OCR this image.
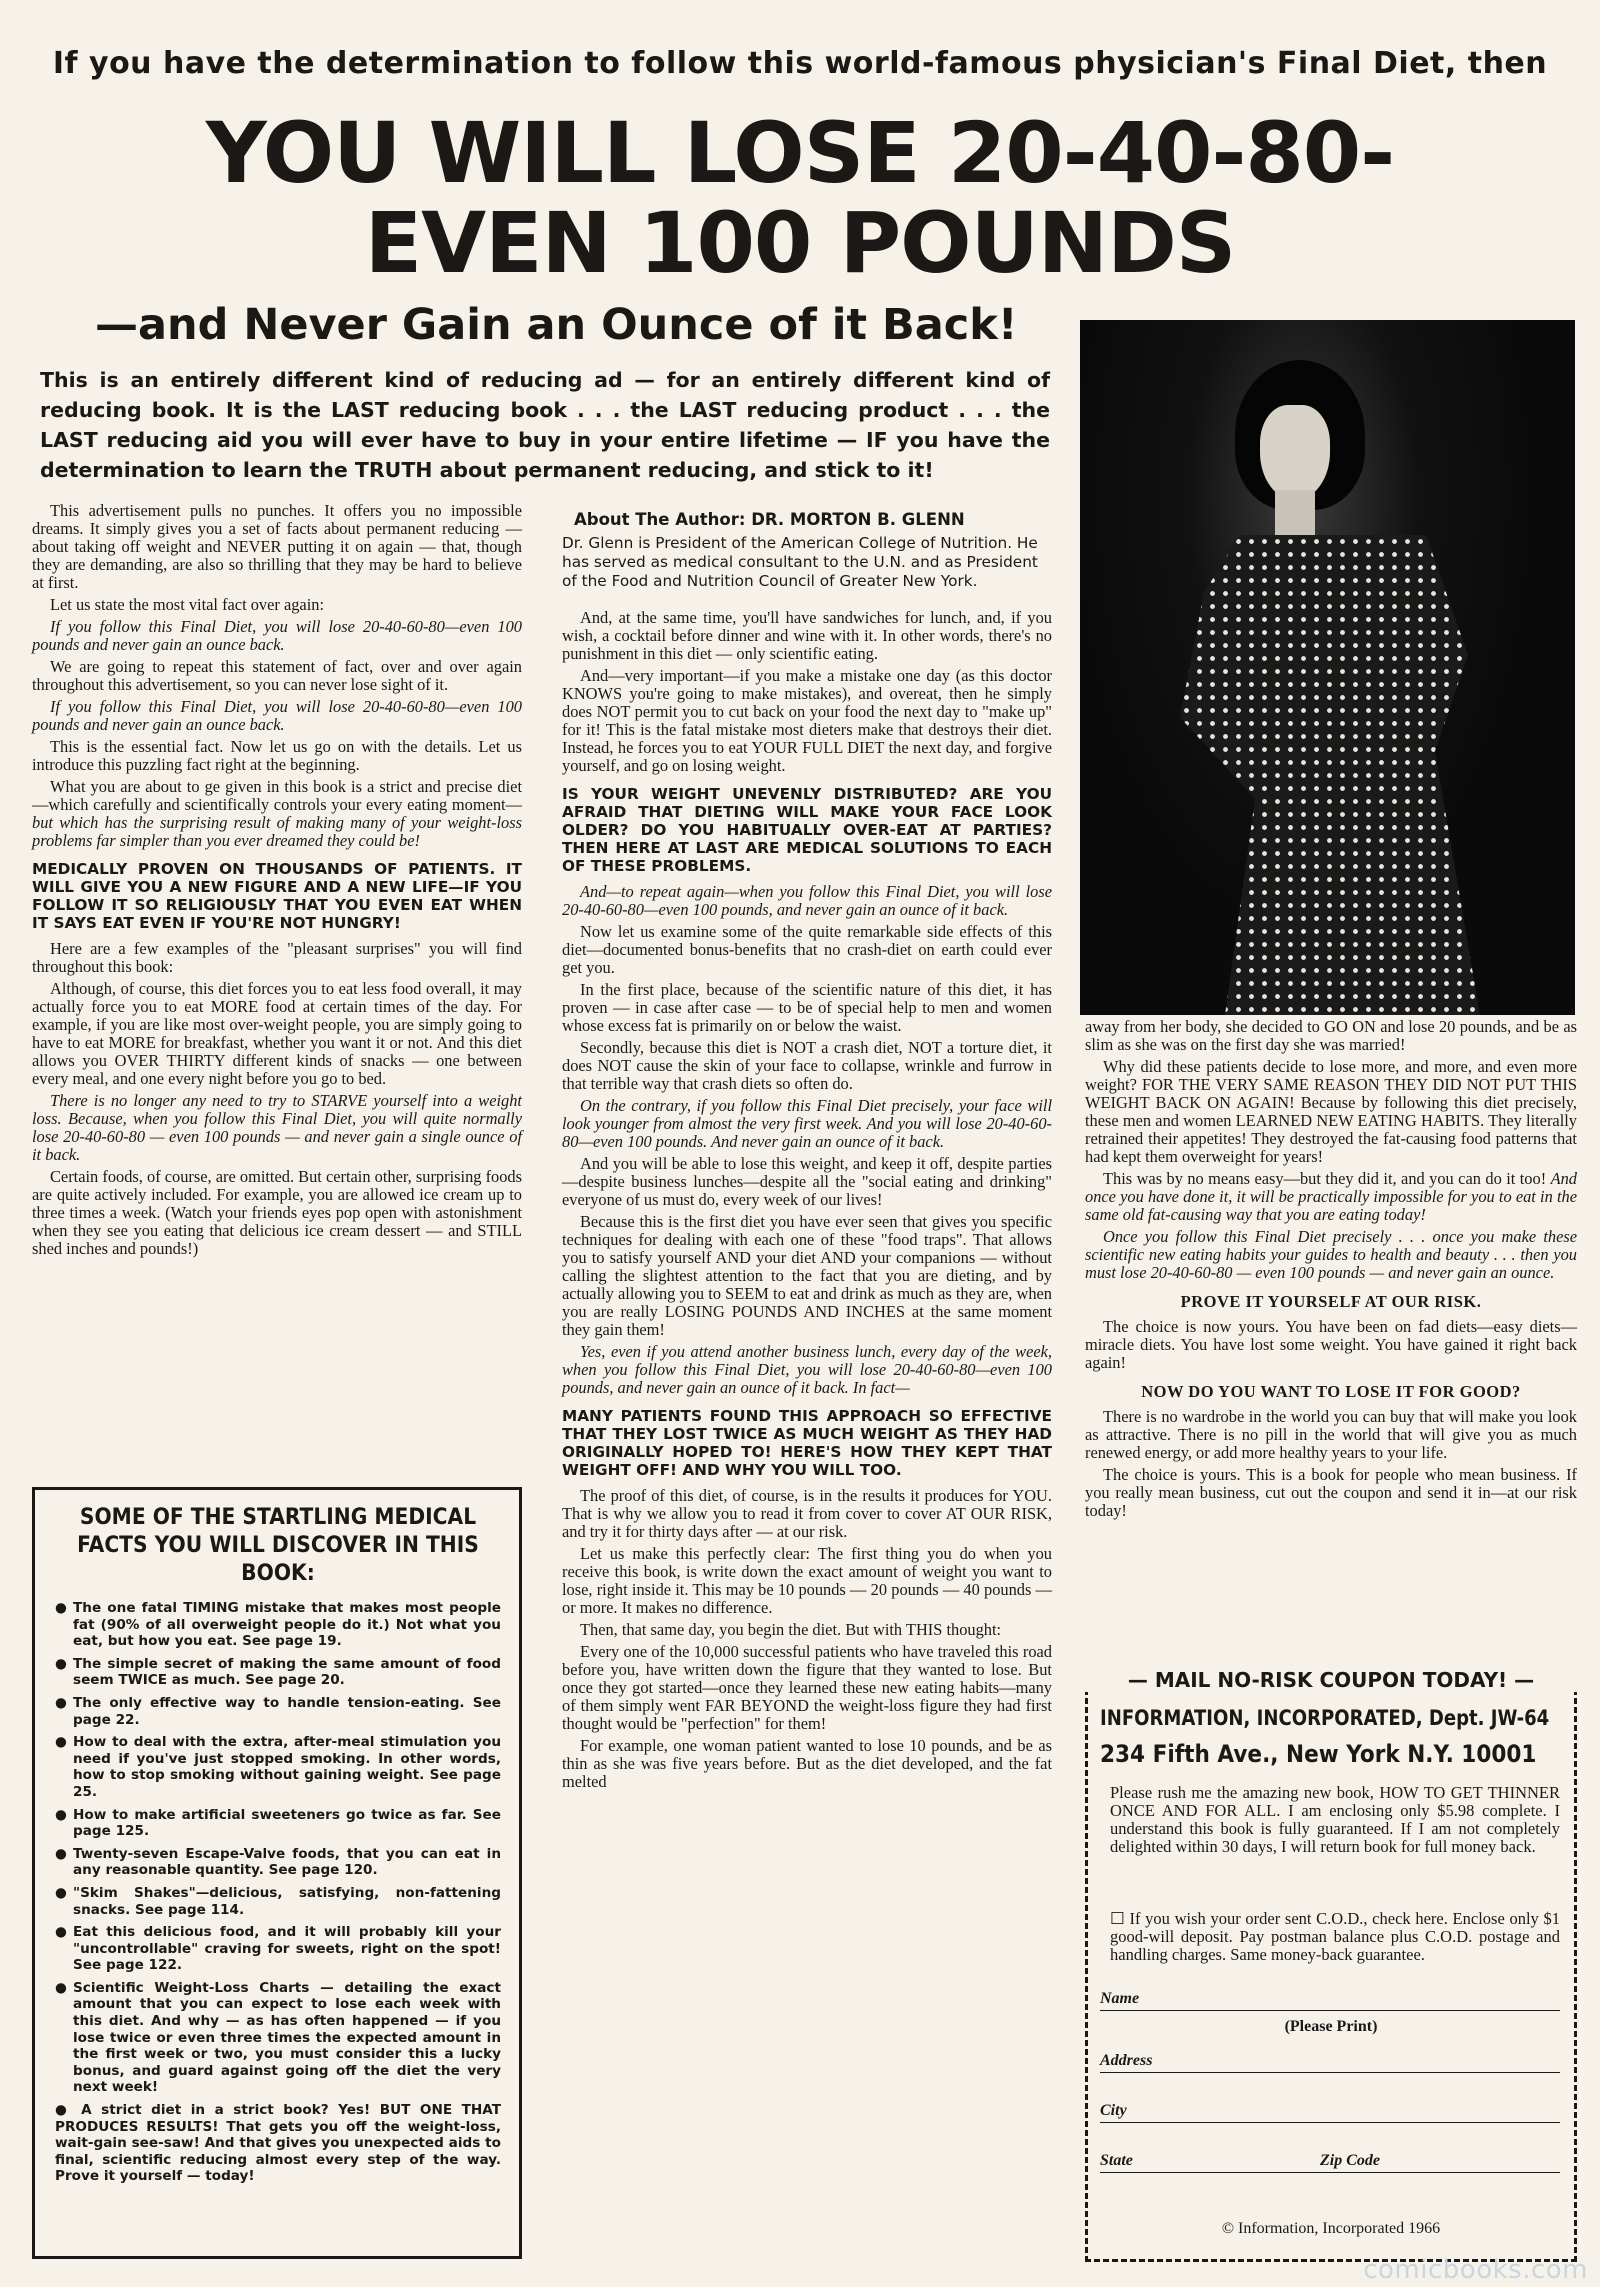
If you have the determination to follow this world-famous physician's Final Diet, then
YOU WILL LOSE 20-40-80-
EVEN 100 POUNDS
—and Never Gain an Ounce of it Back!
This is an entirely different kind of reducing ad — for an entirely different kind of reducing book. It is the LAST reducing book . . . the LAST reducing product . . . the LAST reducing aid you will ever have to buy in your entire lifetime — IF you have the determination to learn the TRUTH about permanent reducing, and stick to it!

This advertisement pulls no punches. It offers you no impossible dreams. It simply gives you a set of facts about permanent reducing — about taking off weight and NEVER putting it on again — that, though they are demanding, are also so thrilling that they may be hard to believe at first.

Let us state the most vital fact over again:

If you follow this Final Diet, you will lose 20-40-60-80—even 100 pounds and never gain an ounce back.

We are going to repeat this statement of fact, over and over again throughout this advertisement, so you can never lose sight of it.

If you follow this Final Diet, you will lose 20-40-60-80—even 100 pounds and never gain an ounce back.

This is the essential fact. Now let us go on with the details. Let us introduce this puzzling fact right at the beginning.

What you are about to ge given in this book is a strict and precise diet—which carefully and scientifically controls your every eating moment—but which has the surprising result of making many of your weight-loss problems far simpler than you ever dreamed they could be!

MEDICALLY PROVEN ON THOUSANDS OF PATIENTS. IT WILL GIVE YOU A NEW FIGURE AND A NEW LIFE—IF YOU FOLLOW IT SO RELIGIOUSLY THAT YOU EVEN EAT WHEN IT SAYS EAT EVEN IF YOU'RE NOT HUNGRY!

Here are a few examples of the "pleasant surprises" you will find throughout this book:

Although, of course, this diet forces you to eat less food overall, it may actually force you to eat MORE food at certain times of the day. For example, if you are like most over-weight people, you are simply going to have to eat MORE for breakfast, whether you want it or not. And this diet allows you OVER THIRTY different kinds of snacks — one between every meal, and one every night before you go to bed.

There is no longer any need to try to STARVE yourself into a weight loss. Because, when you follow this Final Diet, you will quite normally lose 20-40-60-80 — even 100 pounds — and never gain a single ounce of it back.

Certain foods, of course, are omitted. But certain other, surprising foods are quite actively included. For example, you are allowed ice cream up to three times a week. (Watch your friends eyes pop open with astonishment when they see you eating that delicious ice cream dessert — and STILL shed inches and pounds!)

SOME OF THE STARTLING MEDICAL FACTS YOU WILL DISCOVER IN THIS BOOK:
● The one fatal TIMING mistake that makes most people fat (90% of all overweight people do it.) Not what you eat, but how you eat. See page 19.
● The simple secret of making the same amount of food seem TWICE as much. See page 20.
● The only effective way to handle tension-eating. See page 22.
● How to deal with the extra, after-meal stimulation you need if you've just stopped smoking. In other words, how to stop smoking without gaining weight. See page 25.
● How to make artificial sweeteners go twice as far. See page 125.
● Twenty-seven Escape-Valve foods, that you can eat in any reasonable quantity. See page 120.
● "Skim Shakes"—delicious, satisfying, non-fattening snacks. See page 114.
● Eat this delicious food, and it will probably kill your "uncontrollable" craving for sweets, right on the spot! See page 122.
● Scientific Weight-Loss Charts — detailing the exact amount that you can expect to lose each week with this diet. And why — as has often happened — if you lose twice or even three times the expected amount in the first week or two, you must consider this a lucky bonus, and guard against going off the diet the very next week!
● A strict diet in a strict book? Yes! BUT ONE THAT PRODUCES RESULTS! That gets you off the weight-loss, wait-gain see-saw! And that gives you unexpected aids to final, scientific reducing almost every step of the way. Prove it yourself — today!
About The Author: DR. MORTON B. GLENN
Dr. Glenn is President of the American College of Nutrition. He has served as medical consultant to the U.N. and as President of the Food and Nutrition Council of Greater New York.

And, at the same time, you'll have sandwiches for lunch, and, if you wish, a cocktail before dinner and wine with it. In other words, there's no punishment in this diet — only scientific eating.

And—very important—if you make a mistake one day (as this doctor KNOWS you're going to make mistakes), and overeat, then he simply does NOT permit you to cut back on your food the next day to "make up" for it! This is the fatal mistake most dieters make that destroys their diet. Instead, he forces you to eat YOUR FULL DIET the next day, and forgive yourself, and go on losing weight.

IS YOUR WEIGHT UNEVENLY DISTRIBUTED? ARE YOU AFRAID THAT DIETING WILL MAKE YOUR FACE LOOK OLDER? DO YOU HABITUALLY OVER-EAT AT PARTIES? THEN HERE AT LAST ARE MEDICAL SOLUTIONS TO EACH OF THESE PROBLEMS.

And—to repeat again—when you follow this Final Diet, you will lose 20-40-60-80—even 100 pounds, and never gain an ounce of it back.

Now let us examine some of the quite remarkable side effects of this diet—documented bonus-benefits that no crash-diet on earth could ever get you.

In the first place, because of the scientific nature of this diet, it has proven — in case after case — to be of special help to men and women whose excess fat is primarily on or below the waist.

Secondly, because this diet is NOT a crash diet, NOT a torture diet, it does NOT cause the skin of your face to collapse, wrinkle and furrow in that terrible way that crash diets so often do.

On the contrary, if you follow this Final Diet precisely, your face will look younger from almost the very first week. And you will lose 20-40-60-80—even 100 pounds. And never gain an ounce of it back.

And you will be able to lose this weight, and keep it off, despite parties—despite business lunches—despite all the "social eating and drinking" everyone of us must do, every week of our lives!

Because this is the first diet you have ever seen that gives you specific techniques for dealing with each one of these "food traps". That allows you to satisfy yourself AND your diet AND your companions — without calling the slightest attention to the fact that you are dieting, and by actually allowing you to SEEM to eat and drink as much as they are, when you are really LOSING POUNDS AND INCHES at the same moment they gain them!

Yes, even if you attend another business lunch, every day of the week, when you follow this Final Diet, you will lose 20-40-60-80—even 100 pounds, and never gain an ounce of it back. In fact—

MANY PATIENTS FOUND THIS APPROACH SO EFFECTIVE THAT THEY LOST TWICE AS MUCH WEIGHT AS THEY HAD ORIGINALLY HOPED TO! HERE'S HOW THEY KEPT THAT WEIGHT OFF! AND WHY YOU WILL TOO.

The proof of this diet, of course, is in the results it produces for YOU. That is why we allow you to read it from cover to cover AT OUR RISK, and try it for thirty days after — at our risk.

Let us make this perfectly clear: The first thing you do when you receive this book, is write down the exact amount of weight you want to lose, right inside it. This may be 10 pounds — 20 pounds — 40 pounds — or more. It makes no difference.

Then, that same day, you begin the diet. But with THIS thought:

Every one of the 10,000 successful patients who have traveled this road before you, have written down the figure that they wanted to lose. But once they got started—once they learned these new eating habits—many of them simply went FAR BEYOND the weight-loss figure they had first thought would be "perfection" for them!

For example, one woman patient wanted to lose 10 pounds, and be as thin as she was five years before. But as the diet developed, and the fat melted

away from her body, she decided to GO ON and lose 20 pounds, and be as slim as she was on the first day she was married!

Why did these patients decide to lose more, and more, and even more weight? FOR THE VERY SAME REASON THEY DID NOT PUT THIS WEIGHT BACK ON AGAIN! Because by following this diet precisely, these men and women LEARNED NEW EATING HABITS. They literally retrained their appetites! They destroyed the fat-causing food patterns that had kept them overweight for years!

This was by no means easy—but they did it, and you can do it too! And once you have done it, it will be practically impossible for you to eat in the same old fat-causing way that you are eating today!

Once you follow this Final Diet precisely . . . once you make these scientific new eating habits your guides to health and beauty . . . then you must lose 20-40-60-80 — even 100 pounds — and never gain an ounce.

PROVE IT YOURSELF AT OUR RISK.

The choice is now yours. You have been on fad diets—easy diets—miracle diets. You have lost some weight. You have gained it right back again!

NOW DO YOU WANT TO LOSE IT FOR GOOD?

There is no wardrobe in the world you can buy that will make you look as attractive. There is no pill in the world that will give you as much renewed energy, or add more healthy years to your life.

The choice is yours. This is a book for people who mean business. If you really mean business, cut out the coupon and send it in—at our risk today!

— MAIL NO-RISK COUPON TODAY! —
INFORMATION, INCORPORATED, Dept. JW-64
234 Fifth Ave., New York N.Y. 10001
Please rush me the amazing new book, HOW TO GET THINNER ONCE AND FOR ALL. I am enclosing only $5.98 complete. I understand this book is fully guaranteed. If I am not completely delighted within 30 days, I will return book for full money back.
☐ If you wish your order sent C.O.D., check here. Enclose only $1 good-will deposit. Pay postman balance plus C.O.D. postage and handling charges. Same money-back guarantee.
Name
(Please Print)
Address
City
State	Zip Code
© Information, Incorporated 1966
comicbooks.com
